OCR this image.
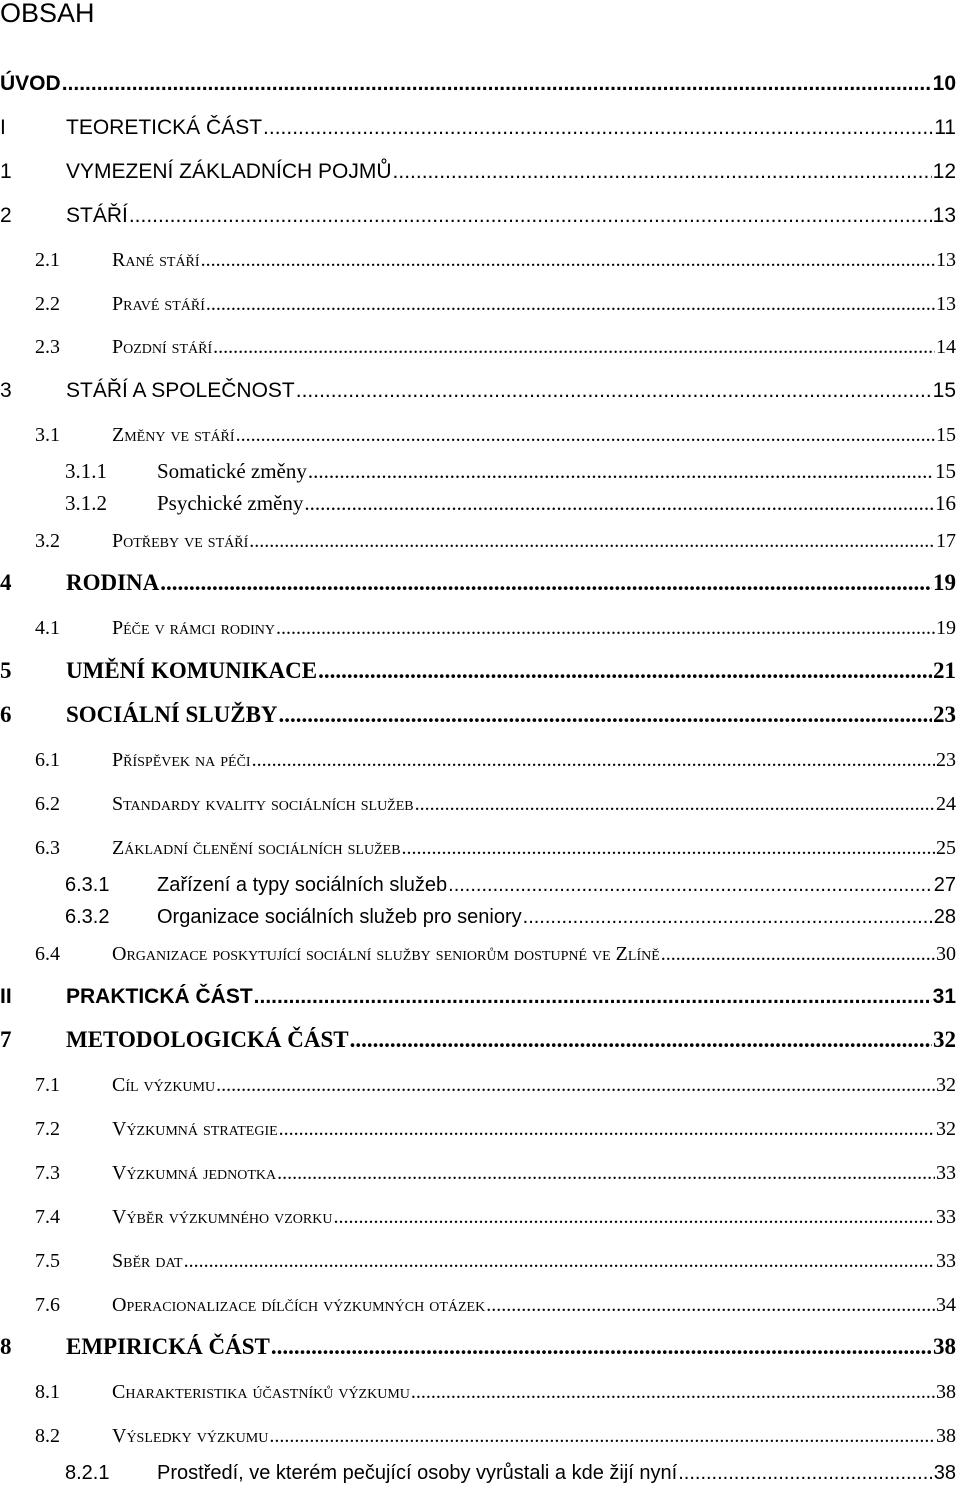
OBSAH
ÚVOD .....	10
I	TEORETICKÁ ČÁST .....	11
1	VYMEZENÍ ZÁKLADNÍCH POJMŮ .....	12
2	STÁŘÍ .....	13
2.1	Rané stáří .....	13
2.2	Pravé stáří .....	13
2.3	Pozdní stáří .....	14
3	STÁŘÍ A SPOLEČNOST .....	15
3.1	Změny ve stáří .....	15
3.1.1	Somatické změny .....	15
3.1.2	Psychické změny .....	16
3.2	Potřeby ve stáří .....	17
4	RODINA .....	19
4.1	Péče v rámci rodiny .....	19
5	UMĚNÍ KOMUNIKACE .....	21
6	SOCIÁLNÍ SLUŽBY .....	23
6.1	Příspěvek na péči .....	23
6.2	Standardy kvality sociálních služeb .....	24
6.3	Základní členění sociálních služeb .....	25
6.3.1	Zařízení a typy sociálních služeb .....	27
6.3.2	Organizace sociálních služeb pro seniory .....	28
6.4	Organizace poskytující sociální služby seniorům dostupné ve Zlíně .....	30
II	PRAKTICKÁ ČÁST .....	31
7	METODOLOGICKÁ ČÁST .....	32
7.1	Cíl výzkumu .....	32
7.2	Výzkumná strategie .....	32
7.3	Výzkumná jednotka .....	33
7.4	Výběr výzkumného vzorku .....	33
7.5	Sběr dat .....	33
7.6	Operacionalizace dílčích výzkumných otázek .....	34
8	EMPIRICKÁ ČÁST .....	38
8.1	Charakteristika účastníků výzkumu .....	38
8.2	Výsledky výzkumu .....	38
8.2.1	Prostředí, ve kterém pečující osoby vyrůstali a kde žijí nyní .....	38
